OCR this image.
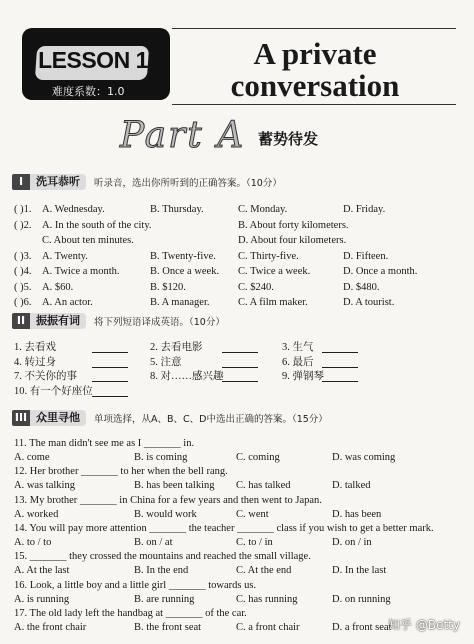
LESSON 1
难度系数：1.0
A private
conversation
Part A 蓄势待发
I	洗耳恭听	听录音，选出你所听到的正确答案。（10分）
( )1. A. Wednesday.	B. Thursday.	C. Monday.	D. Friday.
( )2. A. In the south of the city.	B. About forty kilometers.
C. About ten minutes.	D. About four kilometers.
( )3. A. Twenty.	B. Twenty-five. C. Thirty-five.	D. Fifteen.
( )4. A. Twice a month.	B. Once a week. C. Twice a week.	D. Once a month.
( )5. A. $60.	B. $120.	C. $240.	D. $480.
( )6. A. An actor.	B. A manager.	C. A film maker.	D. A tourist.
II 振振有词	将下列短语译成英语。（10分）
1. 去看戏	2. 去看电影	3. 生气
4. 转过身	5. 注意	6. 最后
7. 不关你的事	8. 对……感兴趣	9. 弹钢琴
10. 有一个好座位
III 众里寻他	单项选择，从A、B、C、D中选出正确的答案。（15分）
11. The man didn't see me as I _______ in.
A. come	B. is coming	C. coming	D. was coming
12. Her brother _______ to her when the bell rang.
A. was talking	B. has been talking C. has talked	D. talked
13. My brother _______ in China for a few years and then went to Japan.
A. worked	B. would work	C. went	D. has been
14. You will pay more attention _______ the teacher _______ class if you wish to get a better mark.
A. to / to	B. on / at	C. to / in	D. on / in
15. _______ they crossed the mountains and reached the small village.
A. At the last	B. In the end	C. At the end	D. In the last
16. Look, a little boy and a little girl _______ towards us.
A. is running	B. are running	C. has running	D. on running
17. The old lady left the handbag at _______ of the car.
A. the front chair	B. the front seat	C. a front chair	D. a front seat
知乎 @Betty
